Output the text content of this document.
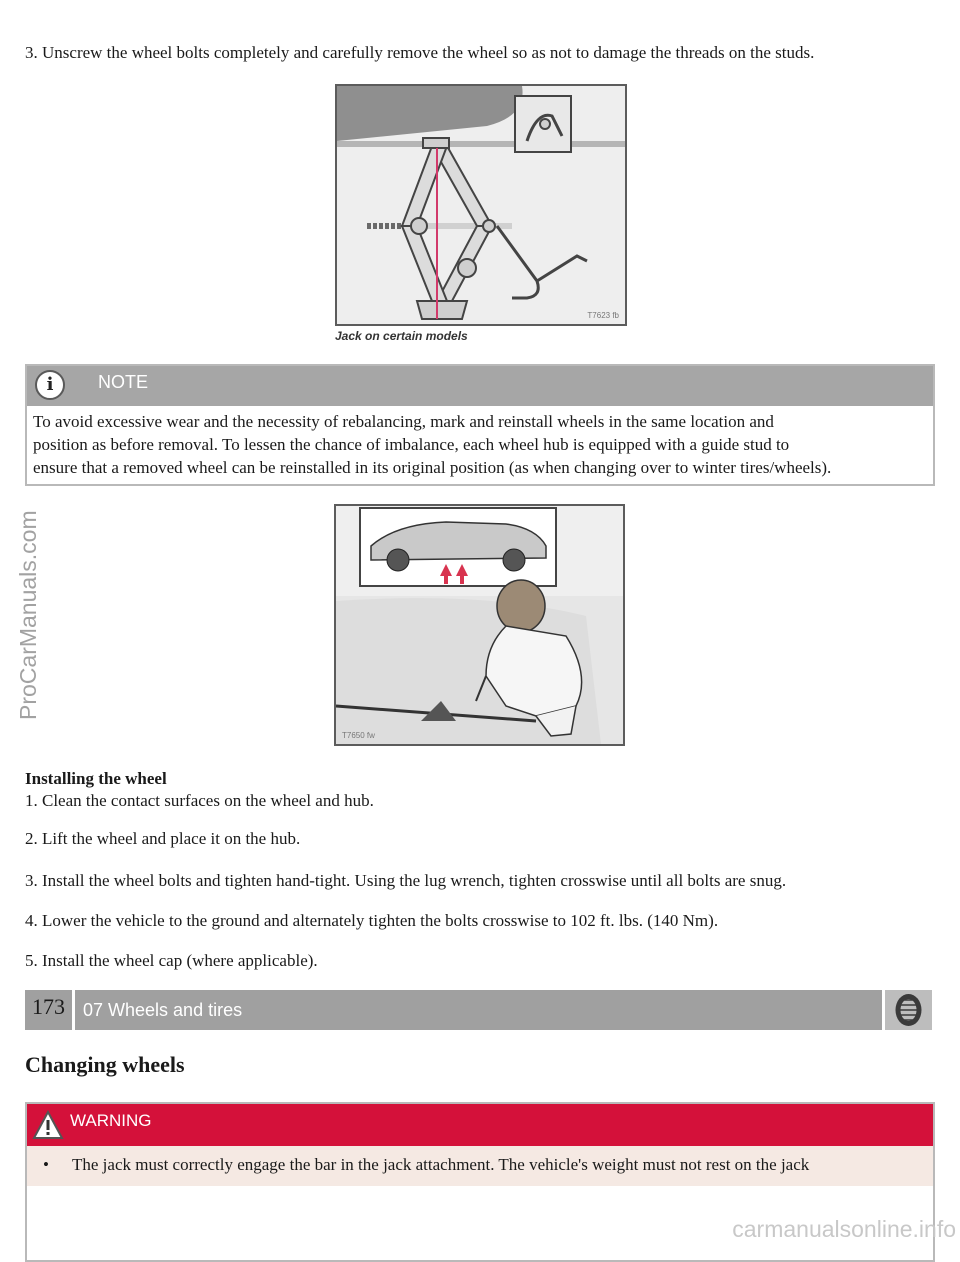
3. Unscrew the wheel bolts completely and carefully remove the wheel so as not to damage the threads on the studs.
T7623 fb
Jack on certain models
i	NOTE
To avoid excessive wear and the necessity of rebalancing, mark and reinstall wheels in the same location and
position as before removal. To lessen the chance of imbalance, each wheel hub is equipped with a guide stud to
ensure that a removed wheel can be reinstalled in its original position (as when changing over to winter tires/wheels).
T7650 fw
Installing the wheel
1. Clean the contact surfaces on the wheel and hub.
2. Lift the wheel and place it on the hub.
3. Install the wheel bolts and tighten hand-tight. Using the lug wrench, tighten crosswise until all bolts are snug.
4. Lower the vehicle to the ground and alternately tighten the bolts crosswise to 102 ft. lbs. (140 Nm).
5. Install the wheel cap (where applicable).
173	07 Wheels and tires
Changing wheels
WARNING
• The jack must correctly engage the bar in the jack attachment. The vehicle's weight must not rest on the jack
ProCarManuals.com
carmanualsonline.info
